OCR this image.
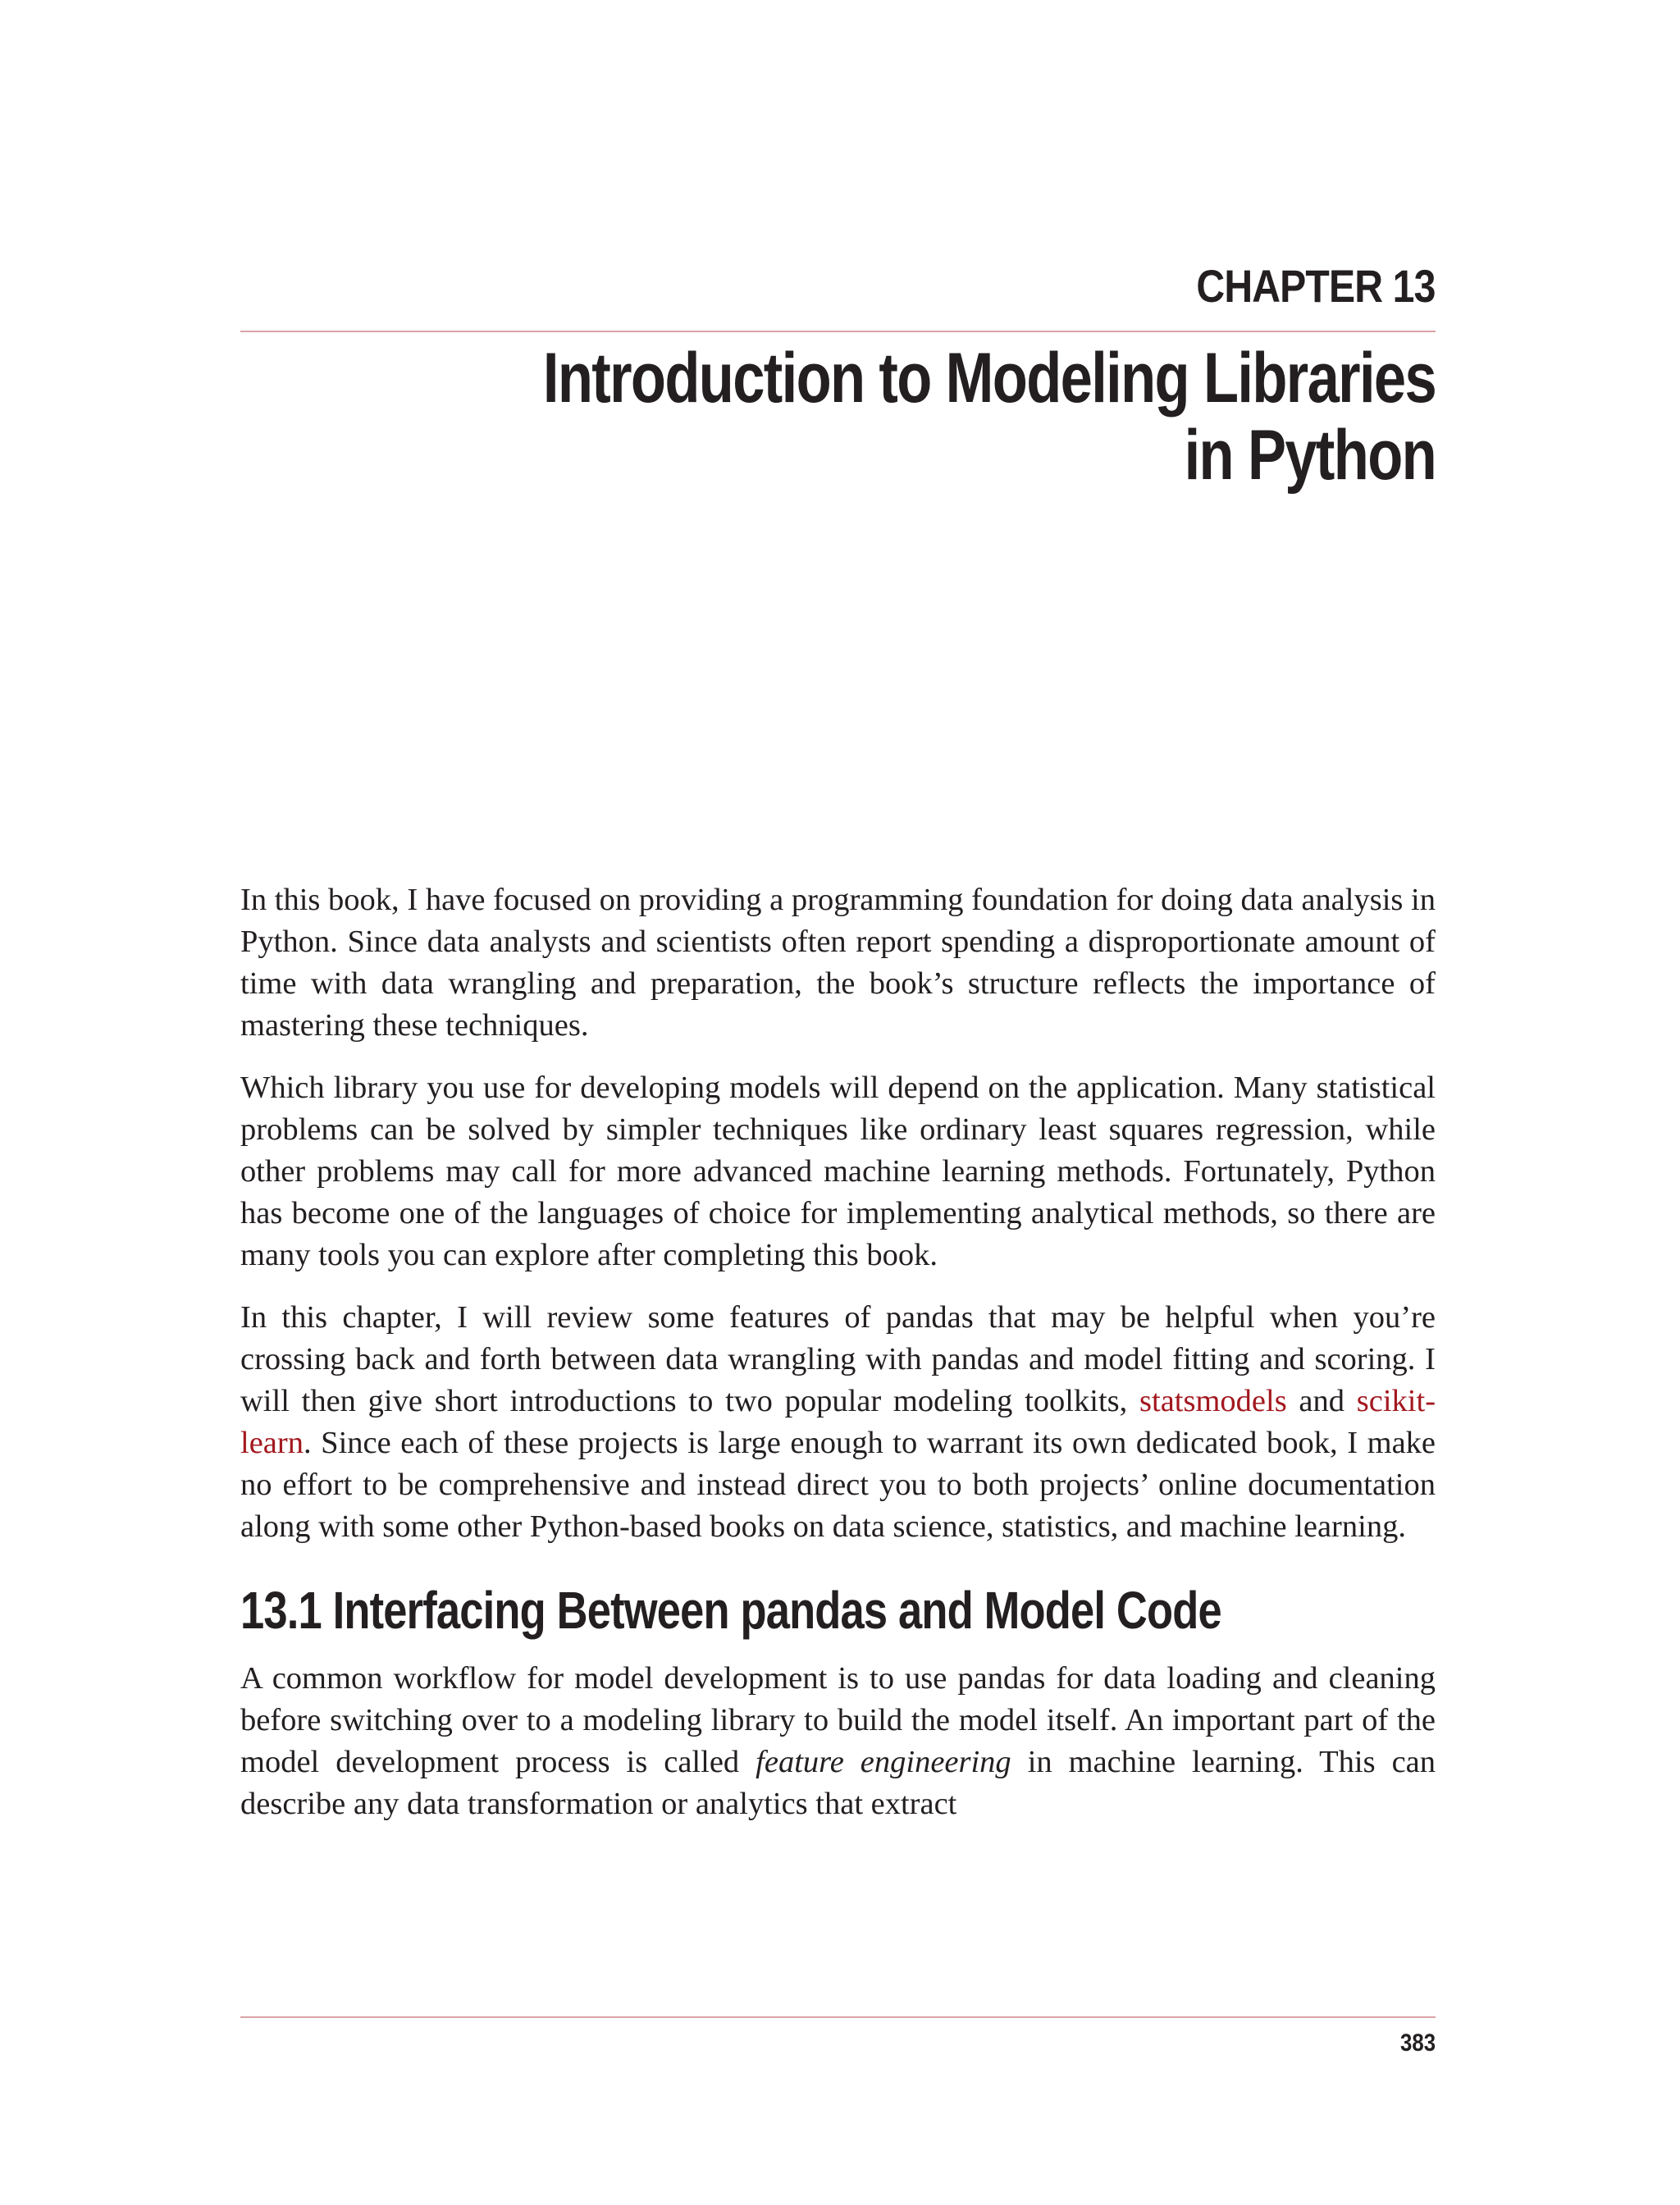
CHAPTER 13
Introduction to Modeling Libraries
in Python

In this book, I have focused on providing a programming foundation for doing data analysis in Python. Since data analysts and scientists often report spending a disproportionate amount of time with data wrangling and preparation, the book’s structure reflects the importance of mastering these techniques.

Which library you use for developing models will depend on the application. Many statistical problems can be solved by simpler techniques like ordinary least squares regression, while other problems may call for more advanced machine learning methods. Fortunately, Python has become one of the languages of choice for implementing analytical methods, so there are many tools you can explore after completing this book.

In this chapter, I will review some features of pandas that may be helpful when you’re crossing back and forth between data wrangling with pandas and model fitting and scoring. I will then give short introductions to two popular modeling toolkits, statsmodels and scikit-learn. Since each of these projects is large enough to warrant its own dedicated book, I make no effort to be comprehensive and instead direct you to both projects’ online documentation along with some other Python-based books on data science, statistics, and machine learning.

13.1 Interfacing Between pandas and Model Code

A common workflow for model development is to use pandas for data loading and cleaning before switching over to a modeling library to build the model itself. An important part of the model development process is called feature engineering in machine learning. This can describe any data transformation or analytics that extract

383
